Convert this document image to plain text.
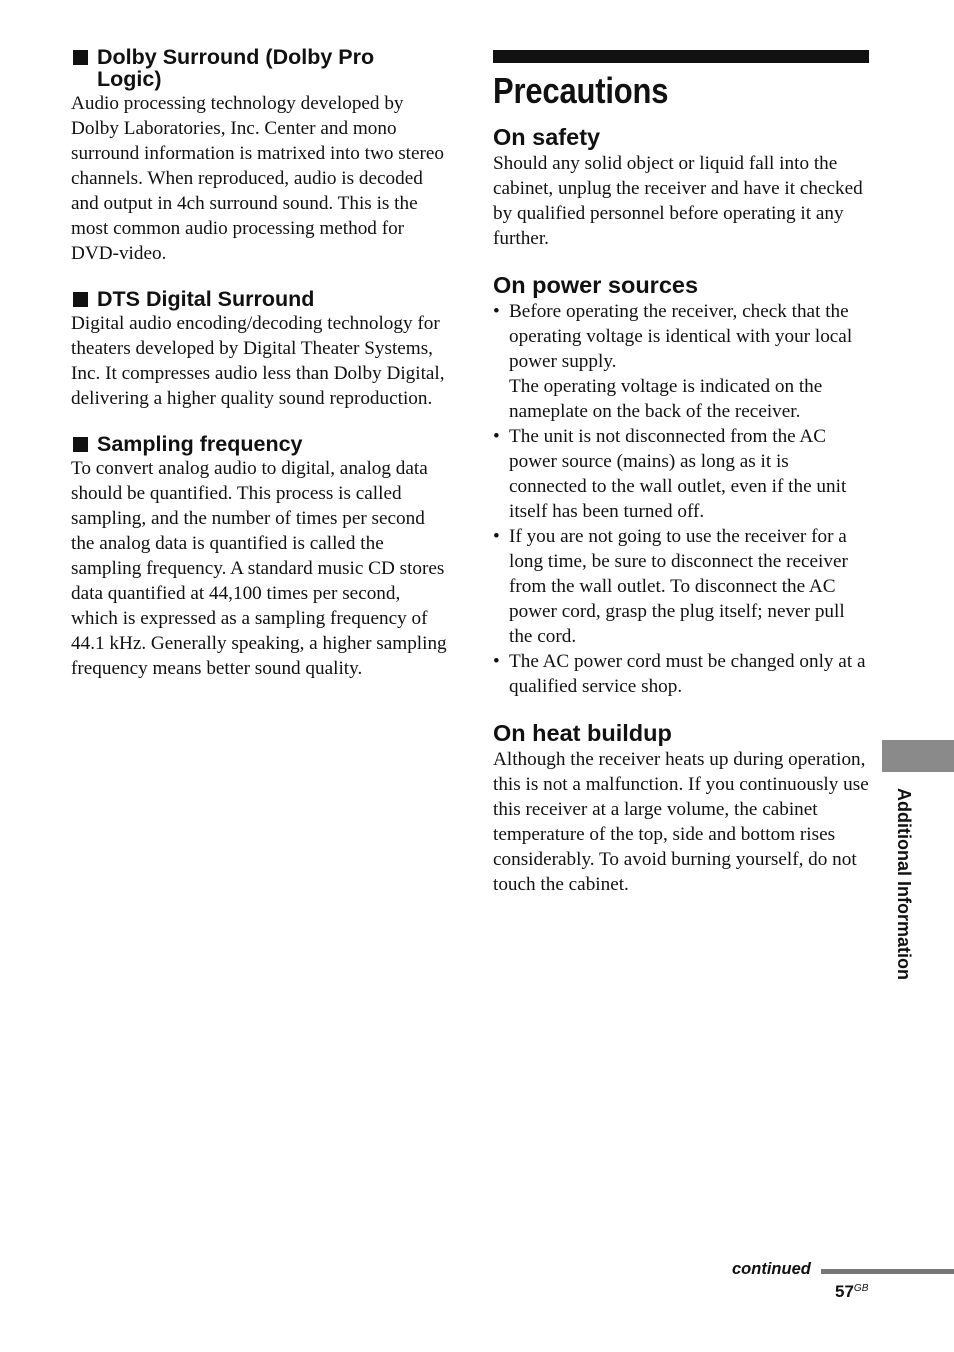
Dolby Surround (Dolby Pro
Logic)

Audio processing technology developed by Dolby Laboratories, Inc. Center and mono surround information is matrixed into two stereo channels. When reproduced, audio is decoded and output in 4ch surround sound. This is the most common audio processing method for DVD-video.

DTS Digital Surround

Digital audio encoding/decoding technology for theaters developed by Digital Theater Systems, Inc. It compresses audio less than Dolby Digital, delivering a higher quality sound reproduction.

Sampling frequency

To convert analog audio to digital, analog data should be quantified. This process is called sampling, and the number of times per second the analog data is quantified is called the sampling frequency. A standard music CD stores data quantified at 44,100 times per second, which is expressed as a sampling frequency of 44.1 kHz. Generally speaking, a higher sampling frequency means better sound quality.

Precautions
On safety

Should any solid object or liquid fall into the cabinet, unplug the receiver and have it checked by qualified personnel before operating it any further.

On power sources
• Before operating the receiver, check that the operating voltage is identical with your local power supply.
The operating voltage is indicated on the nameplate on the back of the receiver.
• The unit is not disconnected from the AC power source (mains) as long as it is connected to the wall outlet, even if the unit itself has been turned off.
• If you are not going to use the receiver for a long time, be sure to disconnect the receiver from the wall outlet. To disconnect the AC power cord, grasp the plug itself; never pull the cord.
• The AC power cord must be changed only at a qualified service shop.
On heat buildup

Although the receiver heats up during operation, this is not a malfunction. If you continuously use this receiver at a large volume, the cabinet temperature of the top, side and bottom rises considerably. To avoid burning yourself, do not touch the cabinet.	Additional Information
continued
$57^{GB}$
